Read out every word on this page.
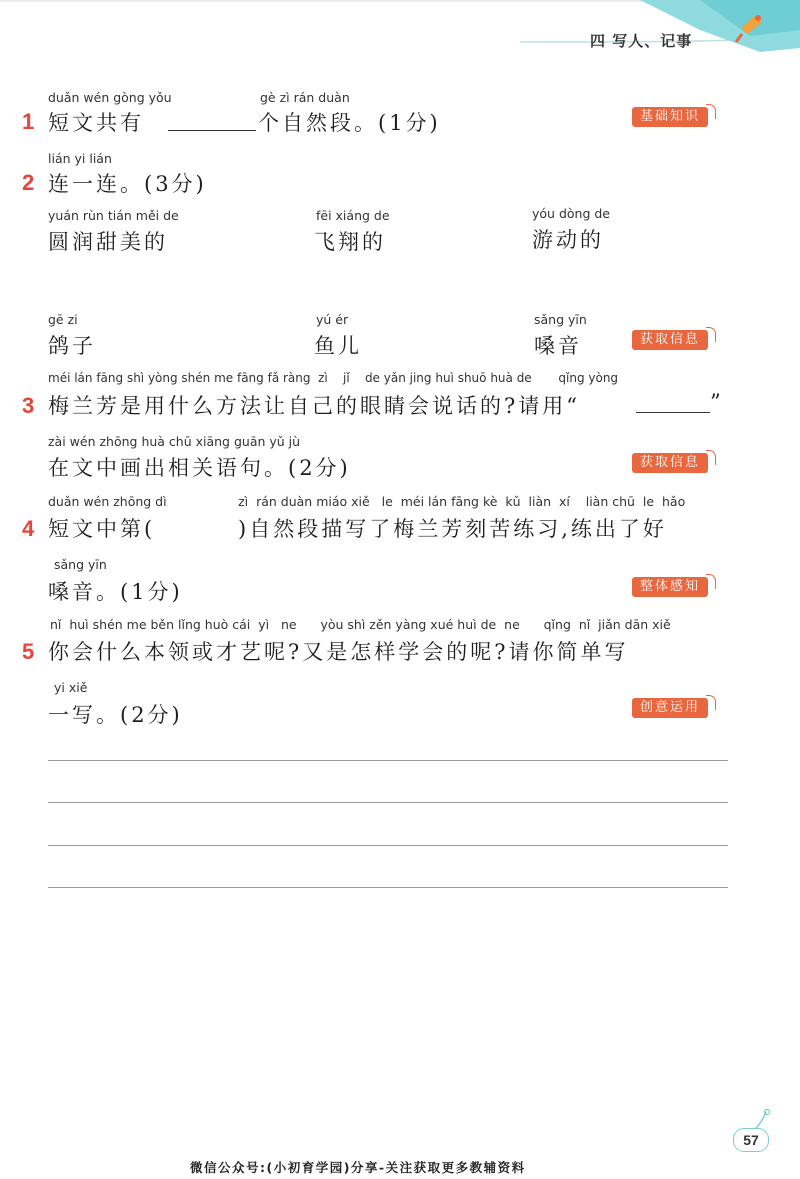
四 写人、记事
duǎn wén gòng yǒu	gè zì rán duàn
1 短文共有	个自然段。(1分)	基础知识
lián yi lián
2 连一连。(3分)
yuán rùn tián měi de
圆润甜美的
fēi xiáng de
飞翔的
yóu dòng de
游动的
gē zi
鸽子
yú ér
鱼儿
sǎng yīn
嗓音	获取信息
méi lán fāng shì yòng shén me fāng fǎ ràng  zì    jǐ    de yǎn jing huì shuō huà de       qǐng yòng
3 梅兰芳是用什么方法让自己的眼睛会说话的?请用“	”
zài wén zhōng huà chū xiāng guān yǔ jù
在文中画出相关语句。(2分)	获取信息
duǎn wén zhōng dì                  zì  rán duàn miáo xiě   le  méi lán fāng kè  kǔ  liàn  xí    liàn chū  le  hǎo
4 短文中第(	)自然段描写了梅兰芳刻苦练习,练出了好
sǎng yīn
嗓音。(1分)	整体感知
nǐ  huì shén me běn lǐng huò cái  yì   ne      yòu shì zěn yàng xué huì de  ne      qǐng  nǐ  jiǎn dān xiě
5 你会什么本领或才艺呢?又是怎样学会的呢?请你简单写
yi xiě
一写。(2分)	创意运用
57
微信公众号:(小初育学园)分享-关注获取更多教辅资料
